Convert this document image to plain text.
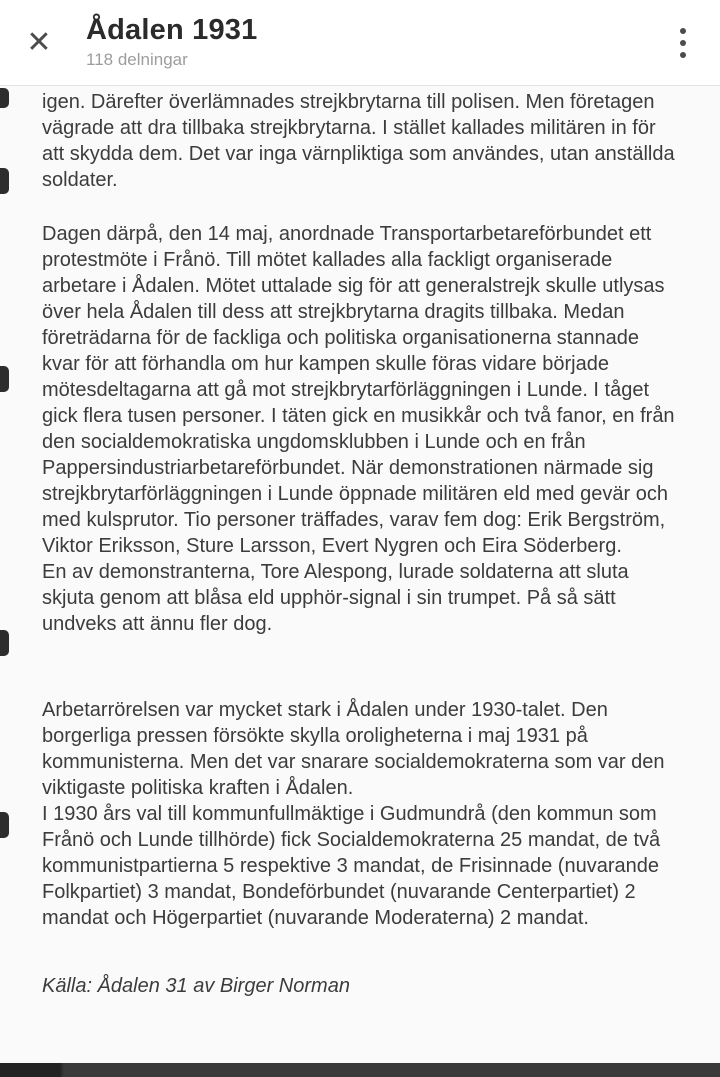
✕	Ådalen 1931
118 delningar

igen. Därefter överlämnades strejkbrytarna till polisen. Men företagen vägrade att dra tillbaka strejkbrytarna. I stället kallades militären in för att skydda dem. Det var inga värnpliktiga som användes, utan anställda soldater.

Dagen därpå, den 14 maj, anordnade Transportarbetareförbundet ett protestmöte i Frånö. Till mötet kallades alla fackligt organiserade arbetare i Ådalen. Mötet uttalade sig för att generalstrejk skulle utlysas över hela Ådalen till dess att strejkbrytarna dragits tillbaka. Medan företrädarna för de fackliga och politiska organisationerna stannade kvar för att förhandla om hur kampen skulle föras vidare började mötesdeltagarna att gå mot strejkbrytarförläggningen i Lunde. I tåget gick flera tusen personer. I täten gick en musikkår och två fanor, en från den socialdemokratiska ungdomsklubben i Lunde och en från Pappersindustriarbetareförbundet. När demonstrationen närmade sig strejkbrytarförläggningen i Lunde öppnade militären eld med gevär och med kulsprutor. Tio personer träffades, varav fem dog: Erik Bergström, Viktor Eriksson, Sture Larsson, Evert Nygren och Eira Söderberg.

En av demonstranterna, Tore Alespong, lurade soldaterna att sluta skjuta genom att blåsa eld upphör-signal i sin trumpet. På så sätt undveks att ännu fler dog.

Arbetarrörelsen var mycket stark i Ådalen under 1930-talet. Den borgerliga pressen försökte skylla oroligheterna i maj 1931 på kommunisterna. Men det var snarare socialdemokraterna som var den viktigaste politiska kraften i Ådalen.

I 1930 års val till kommunfullmäktige i Gudmundrå (den kommun som Frånö och Lunde tillhörde) fick Socialdemokraterna 25 mandat, de två kommunistpartierna 5 respektive 3 mandat, de Frisinnade (nuvarande Folkpartiet) 3 mandat, Bondeförbundet (nuvarande Centerpartiet) 2 mandat och Högerpartiet (nuvarande Moderaterna) 2 mandat.

Källa: Ådalen 31 av Birger Norman
